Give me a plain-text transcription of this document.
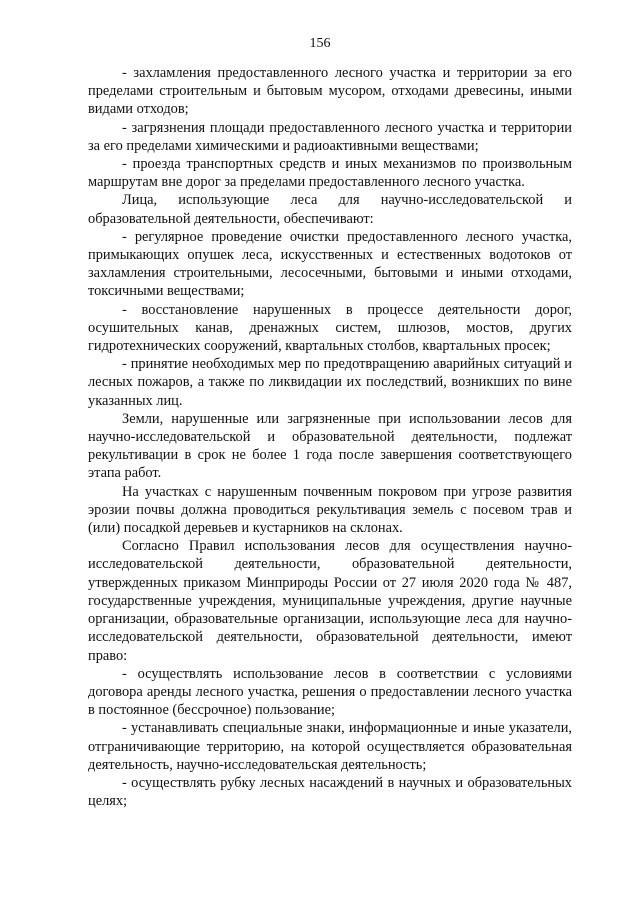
156

- захламления предоставленного лесного участка и территории за его пределами строительным и бытовым мусором, отходами древесины, иными видами отходов;

- загрязнения площади предоставленного лесного участка и территории за его пределами химическими и радиоактивными веществами;

- проезда транспортных средств и иных механизмов по произвольным маршрутам вне дорог за пределами предоставленного лесного участка.

Лица, использующие леса для научно-исследовательской и образовательной деятельности, обеспечивают:

- регулярное проведение очистки предоставленного лесного участка, примыкающих опушек леса, искусственных и естественных водотоков от захламления строительными, лесосечными, бытовыми и иными отходами, токсичными веществами;

- восстановление нарушенных в процессе деятельности дорог, осушительных канав, дренажных систем, шлюзов, мостов, других гидротехнических сооружений, квартальных столбов, квартальных просек;

- принятие необходимых мер по предотвращению аварийных ситуаций и лесных пожаров, а также по ликвидации их последствий, возникших по вине указанных лиц.

Земли, нарушенные или загрязненные при использовании лесов для научно-исследовательской и образовательной деятельности, подлежат рекультивации в срок не более 1 года после завершения соответствующего этапа работ.

На участках с нарушенным почвенным покровом при угрозе развития эрозии почвы должна проводиться рекультивация земель с посевом трав и (или) посадкой деревьев и кустарников на склонах.

Согласно Правил использования лесов для осуществления научно-исследовательской деятельности, образовательной деятельности, утвержденных приказом Минприроды России от 27 июля 2020 года № 487, государственные учреждения, муниципальные учреждения, другие научные организации, образовательные организации, использующие леса для научно-исследовательской деятельности, образовательной деятельности, имеют право:

- осуществлять использование лесов в соответствии с условиями договора аренды лесного участка, решения о предоставлении лесного участка в постоянное (бессрочное) пользование;

- устанавливать специальные знаки, информационные и иные указатели, отграничивающие территорию, на которой осуществляется образовательная деятельность, научно-исследовательская деятельность;

- осуществлять рубку лесных насаждений в научных и образовательных целях;
